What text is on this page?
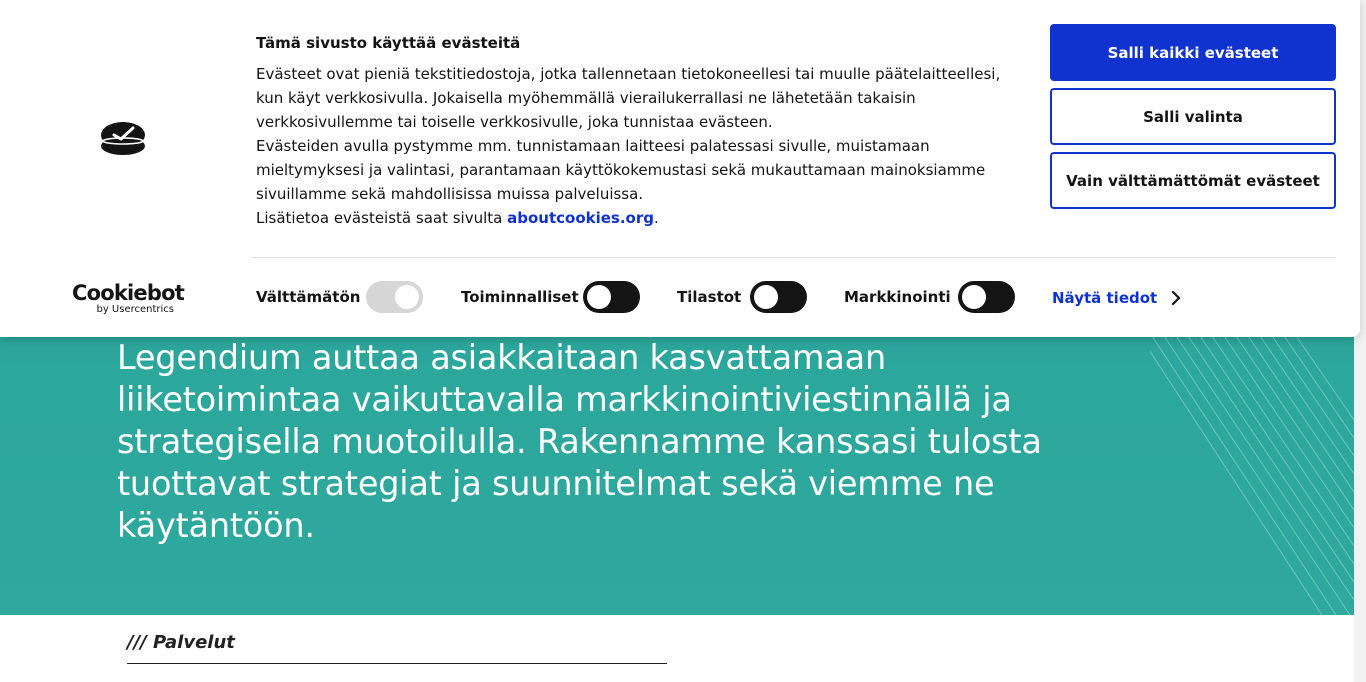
Legendium auttaa asiakkaitaan kasvattamaan liiketoimintaa vaikuttavalla markkinointiviestinnällä ja strategisella muotoilulla. Rakennamme kanssasi tulosta tuottavat strategiat ja suunnitelmat sekä viemme ne käytäntöön.

/// Palvelut
Tämä sivusto käyttää evästeitä
Evästeet ovat pieniä tekstitiedostoja, jotka tallennetaan tietokoneellesi tai muulle päätelaitteellesi, kun käyt verkkosivulla. Jokaisella myöhemmällä vierailukerrallasi ne lähetetään takaisin verkkosivullemme tai toiselle verkkosivulle, joka tunnistaa evästeen.
Evästeiden avulla pystymme mm. tunnistamaan laitteesi palatessasi sivulle, muistamaan mieltymyksesi ja valintasi, parantamaan käyttökokemustasi sekä mukauttamaan mainoksiamme sivuillamme sekä mahdollisissa muissa palveluissa.
Lisätietoa evästeistä saat sivulta aboutcookies.org.
Salli kaikki evästeet
Salli valinta
Vain välttämättömät evästeet
Cookiebot
by Usercentrics
Välttämätön	Toiminnalliset	Tilastot	Markkinointi	Näytä tiedot
